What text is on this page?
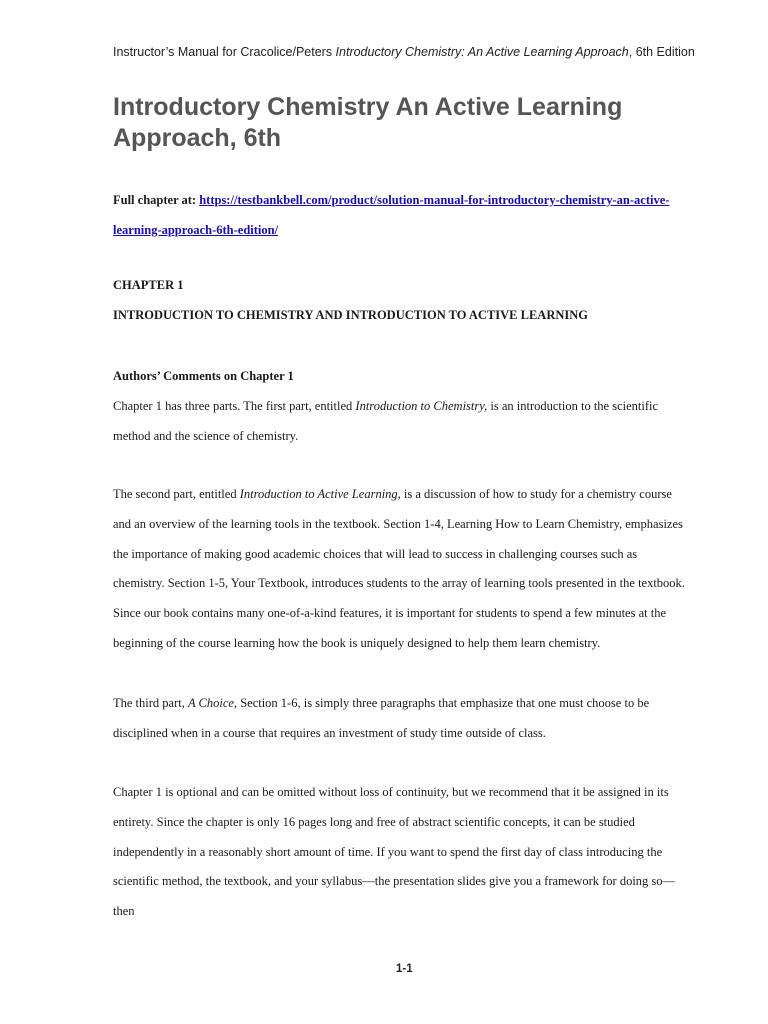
Instructor’s Manual for Cracolice/Peters Introductory Chemistry: An Active Learning Approach, 6th Edition
Introductory Chemistry An Active Learning Approach, 6th
Full chapter at: https://testbankbell.com/product/solution-manual-for-introductory-chemistry-an-active-learning-approach-6th-edition/
CHAPTER 1
INTRODUCTION TO CHEMISTRY AND INTRODUCTION TO ACTIVE LEARNING
Authors’ Comments on Chapter 1

Chapter 1 has three parts. The first part, entitled Introduction to Chemistry, is an introduction to the scientific method and the science of chemistry.

The second part, entitled Introduction to Active Learning, is a discussion of how to study for a chemistry course and an overview of the learning tools in the textbook. Section 1-4, Learning How to Learn Chemistry, emphasizes the importance of making good academic choices that will lead to success in challenging courses such as chemistry. Section 1-5, Your Textbook, introduces students to the array of learning tools presented in the textbook. Since our book contains many one-of-a-kind features, it is important for students to spend a few minutes at the beginning of the course learning how the book is uniquely designed to help them learn chemistry.

The third part, A Choice, Section 1-6, is simply three paragraphs that emphasize that one must choose to be disciplined when in a course that requires an investment of study time outside of class.

Chapter 1 is optional and can be omitted without loss of continuity, but we recommend that it be assigned in its entirety. Since the chapter is only 16 pages long and free of abstract scientific concepts, it can be studied independently in a reasonably short amount of time. If you want to spend the first day of class introducing the scientific method, the textbook, and your syllabus—the presentation slides give you a framework for doing so—then

1-1
